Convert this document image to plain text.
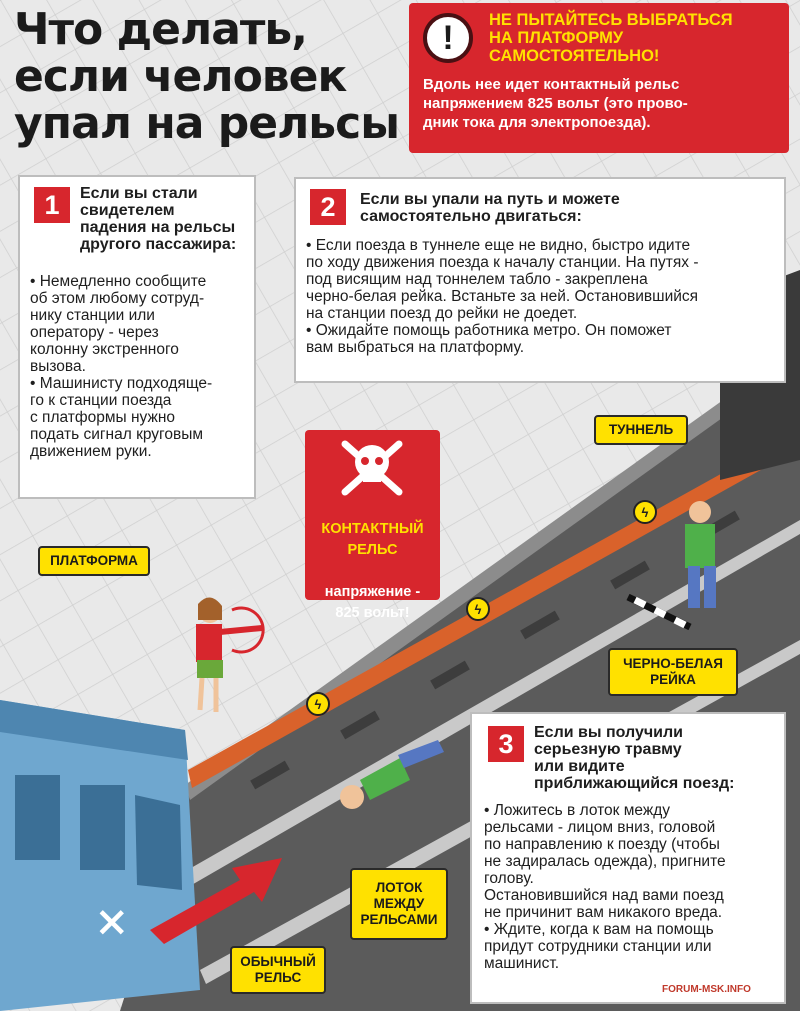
ϟ
ϟ
ϟ
⨯
Что делать,
если человек
упал на рельсы
!	НЕ ПЫТАЙТЕСЬ ВЫБРАТЬСЯ
НА ПЛАТФОРМУ
САМОСТОЯТЕЛЬНО!
Вдоль нее идет контактный рельс
напряжением 825 вольт (это прово-
дник тока для электропоезда).
1	Если вы стали
свидетелем
падения на рельсы
другого пассажира:
• Немедленно сообщите
об этом любому сотруд-
нику станции или
оператору - через
колонну экстренного
вызова.
• Машинисту подходяще-
го к станции поезда
с платформы нужно
подать сигнал круговым
движением руки.
2	Если вы упали на путь и можете
самостоятельно двигаться:
• Если поезда в туннеле еще не видно, быстро идите
по ходу движения поезда к началу станции. На путях -
под висящим над тоннелем табло - закреплена
черно-белая рейка. Встаньте за ней. Остановившийся
на станции поезд до рейки не доедет.
• Ожидайте помощь работника метро. Он поможет
вам выбраться на платформу.
3	Если вы получили
серьезную травму
или видите
приближающийся поезд:
• Ложитесь в лоток между
рельсами - лицом вниз, головой
по направлению к поезду (чтобы
не задиралась одежда), пригните
голову.
Остановившийся над вами поезд
не причинит вам никакого вреда.
• Ждите, когда к вам на помощь
придут сотрудники станции или
машинист.

КОНТАКТНЫЙ
РЕЛЬС

напряжение -
825 вольт!

ПЛАТФОРМА
ТУННЕЛЬ
ЧЕРНО-БЕЛАЯ
РЕЙКА
ЛОТОК
МЕЖДУ
РЕЛЬСАМИ
ОБЫЧНЫЙ
РЕЛЬС
FORUM-MSK.INFO
